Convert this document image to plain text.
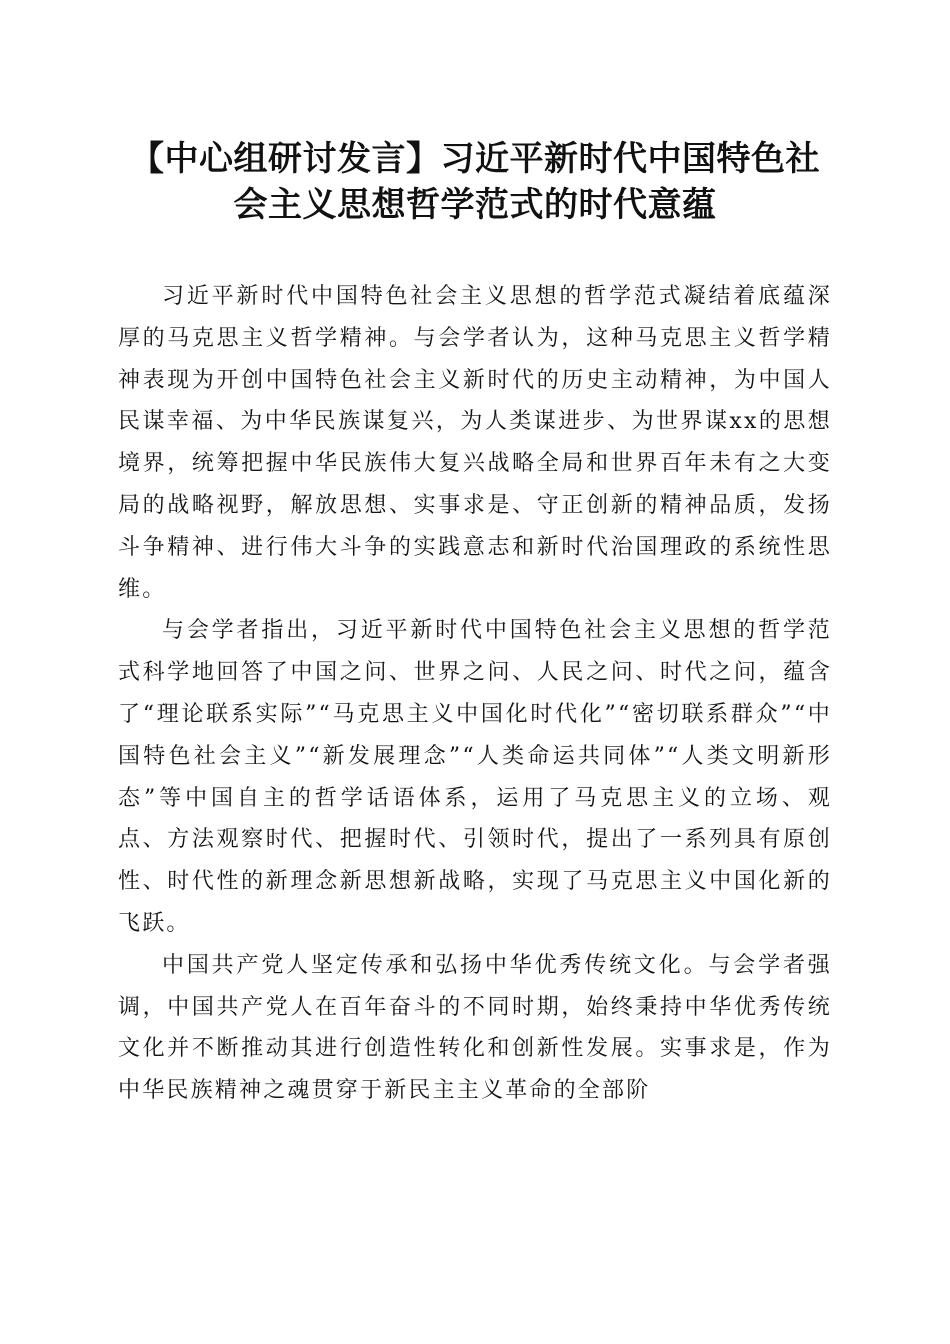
【中心组研讨发言】习近平新时代中国特色社
会主义思想哲学范式的时代意蕴

习近平新时代中国特色社会主义思想的哲学范式凝结着底蕴深厚的马克思主义哲学精神。与会学者认为，这种马克思主义哲学精神表现为开创中国特色社会主义新时代的历史主动精神，为中国人民谋幸福、为中华民族谋复兴，为人类谋进步、为世界谋xx的思想境界，统筹把握中华民族伟大复兴战略全局和世界百年未有之大变局的战略视野，解放思想、实事求是、守正创新的精神品质，发扬斗争精神、进行伟大斗争的实践意志和新时代治国理政的系统性思维。

与会学者指出，习近平新时代中国特色社会主义思想的哲学范式科学地回答了中国之问、世界之问、人民之问、时代之问，蕴含了“理论联系实际”“马克思主义中国化时代化”“密切联系群众”“中国特色社会主义”“新发展理念”“人类命运共同体”“人类文明新形态”等中国自主的哲学话语体系，运用了马克思主义的立场、观点、方法观察时代、把握时代、引领时代，提出了一系列具有原创性、时代性的新理念新思想新战略，实现了马克思主义中国化新的飞跃。

中国共产党人坚定传承和弘扬中华优秀传统文化。与会学者强调，中国共产党人在百年奋斗的不同时期，始终秉持中华优秀传统文化并不断推动其进行创造性转化和创新性发展。实事求是，作为中华民族精神之魂贯穿于新民主主义革命的全部阶
